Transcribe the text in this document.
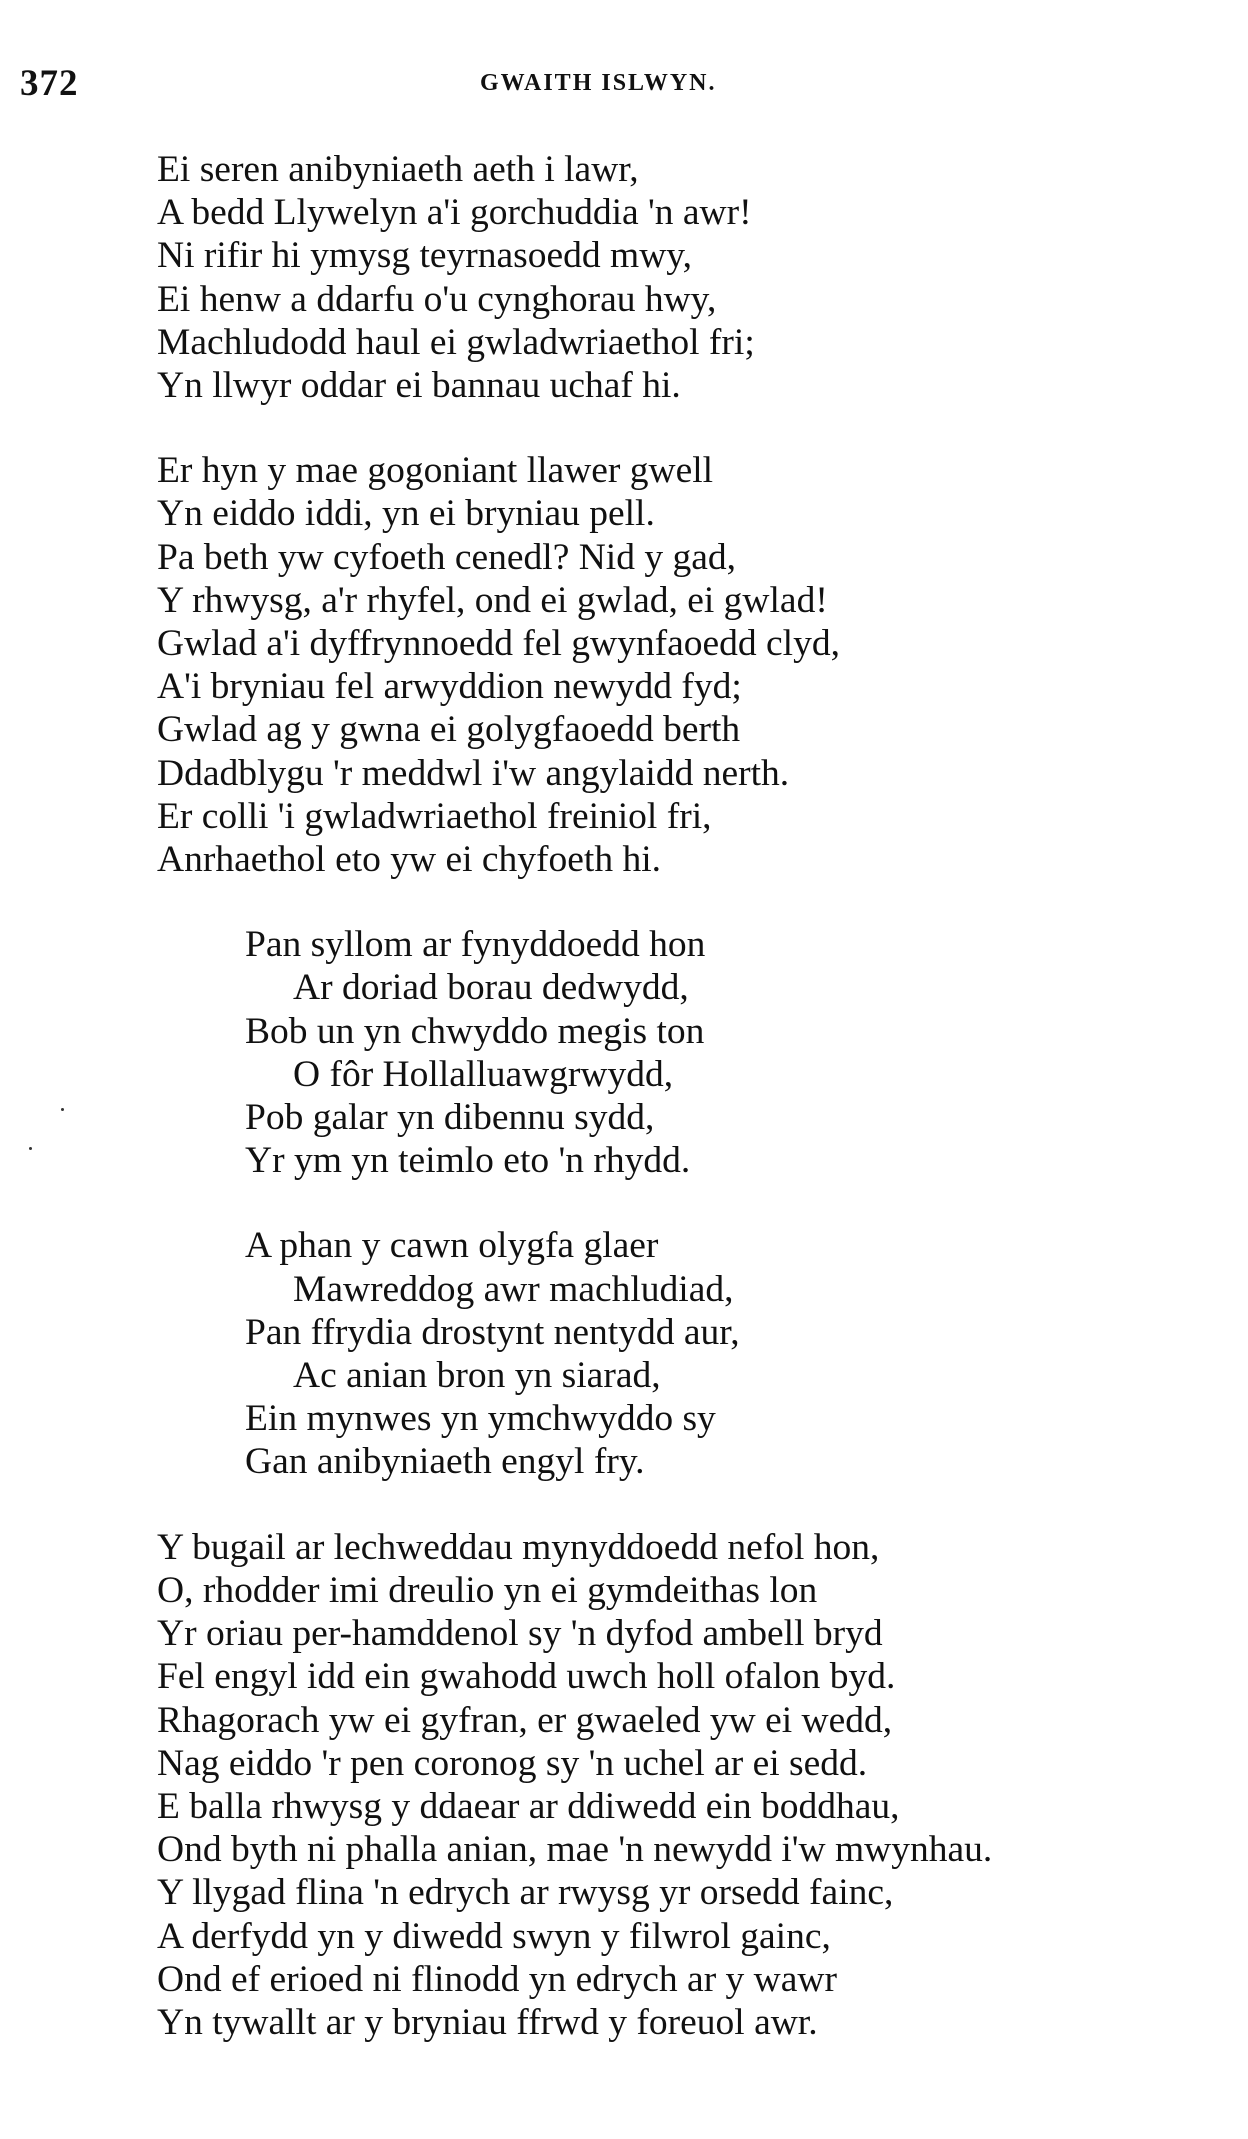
372	GWAITH ISLWYN.
Ei seren anibyniaeth aeth i lawr,
A bedd Llywelyn a'i gorchuddia 'n awr!
Ni rifir hi ymysg teyrnasoedd mwy,
Ei henw a ddarfu o'u cynghorau hwy,
Machludodd haul ei gwladwriaethol fri;
Yn llwyr oddar ei bannau uchaf hi.
Er hyn y mae gogoniant llawer gwell
Yn eiddo iddi, yn ei bryniau pell.
Pa beth yw cyfoeth cenedl? Nid y gad,
Y rhwysg, a'r rhyfel, ond ei gwlad, ei gwlad!
Gwlad a'i dyffrynnoedd fel gwynfaoedd clyd,
A'i bryniau fel arwyddion newydd fyd;
Gwlad ag y gwna ei golygfaoedd berth
Ddadblygu 'r meddwl i'w angylaidd nerth.
Er colli 'i gwladwriaethol freiniol fri,
Anrhaethol eto yw ei chyfoeth hi.
Pan syllom ar fynyddoedd hon
Ar doriad borau dedwydd,
Bob un yn chwyddo megis ton
O fôr Hollalluawgrwydd,
Pob galar yn dibennu sydd,
Yr ym yn teimlo eto 'n rhydd.
A phan y cawn olygfa glaer
Mawreddog awr machludiad,
Pan ffrydia drostynt nentydd aur,
Ac anian bron yn siarad,
Ein mynwes yn ymchwyddo sy
Gan anibyniaeth engyl fry.
Y bugail ar lechweddau mynyddoedd nefol hon,
O, rhodder imi dreulio yn ei gymdeithas lon
Yr oriau per-hamddenol sy 'n dyfod ambell bryd
Fel engyl idd ein gwahodd uwch holl ofalon byd.
Rhagorach yw ei gyfran, er gwaeled yw ei wedd,
Nag eiddo 'r pen coronog sy 'n uchel ar ei sedd.
E balla rhwysg y ddaear ar ddiwedd ein boddhau,
Ond byth ni phalla anian, mae 'n newydd i'w mwynhau.
Y llygad flina 'n edrych ar rwysg yr orsedd fainc,
A derfydd yn y diwedd swyn y filwrol gainc,
Ond ef erioed ni flinodd yn edrych ar y wawr
Yn tywallt ar y bryniau ffrwd y foreuol awr.
